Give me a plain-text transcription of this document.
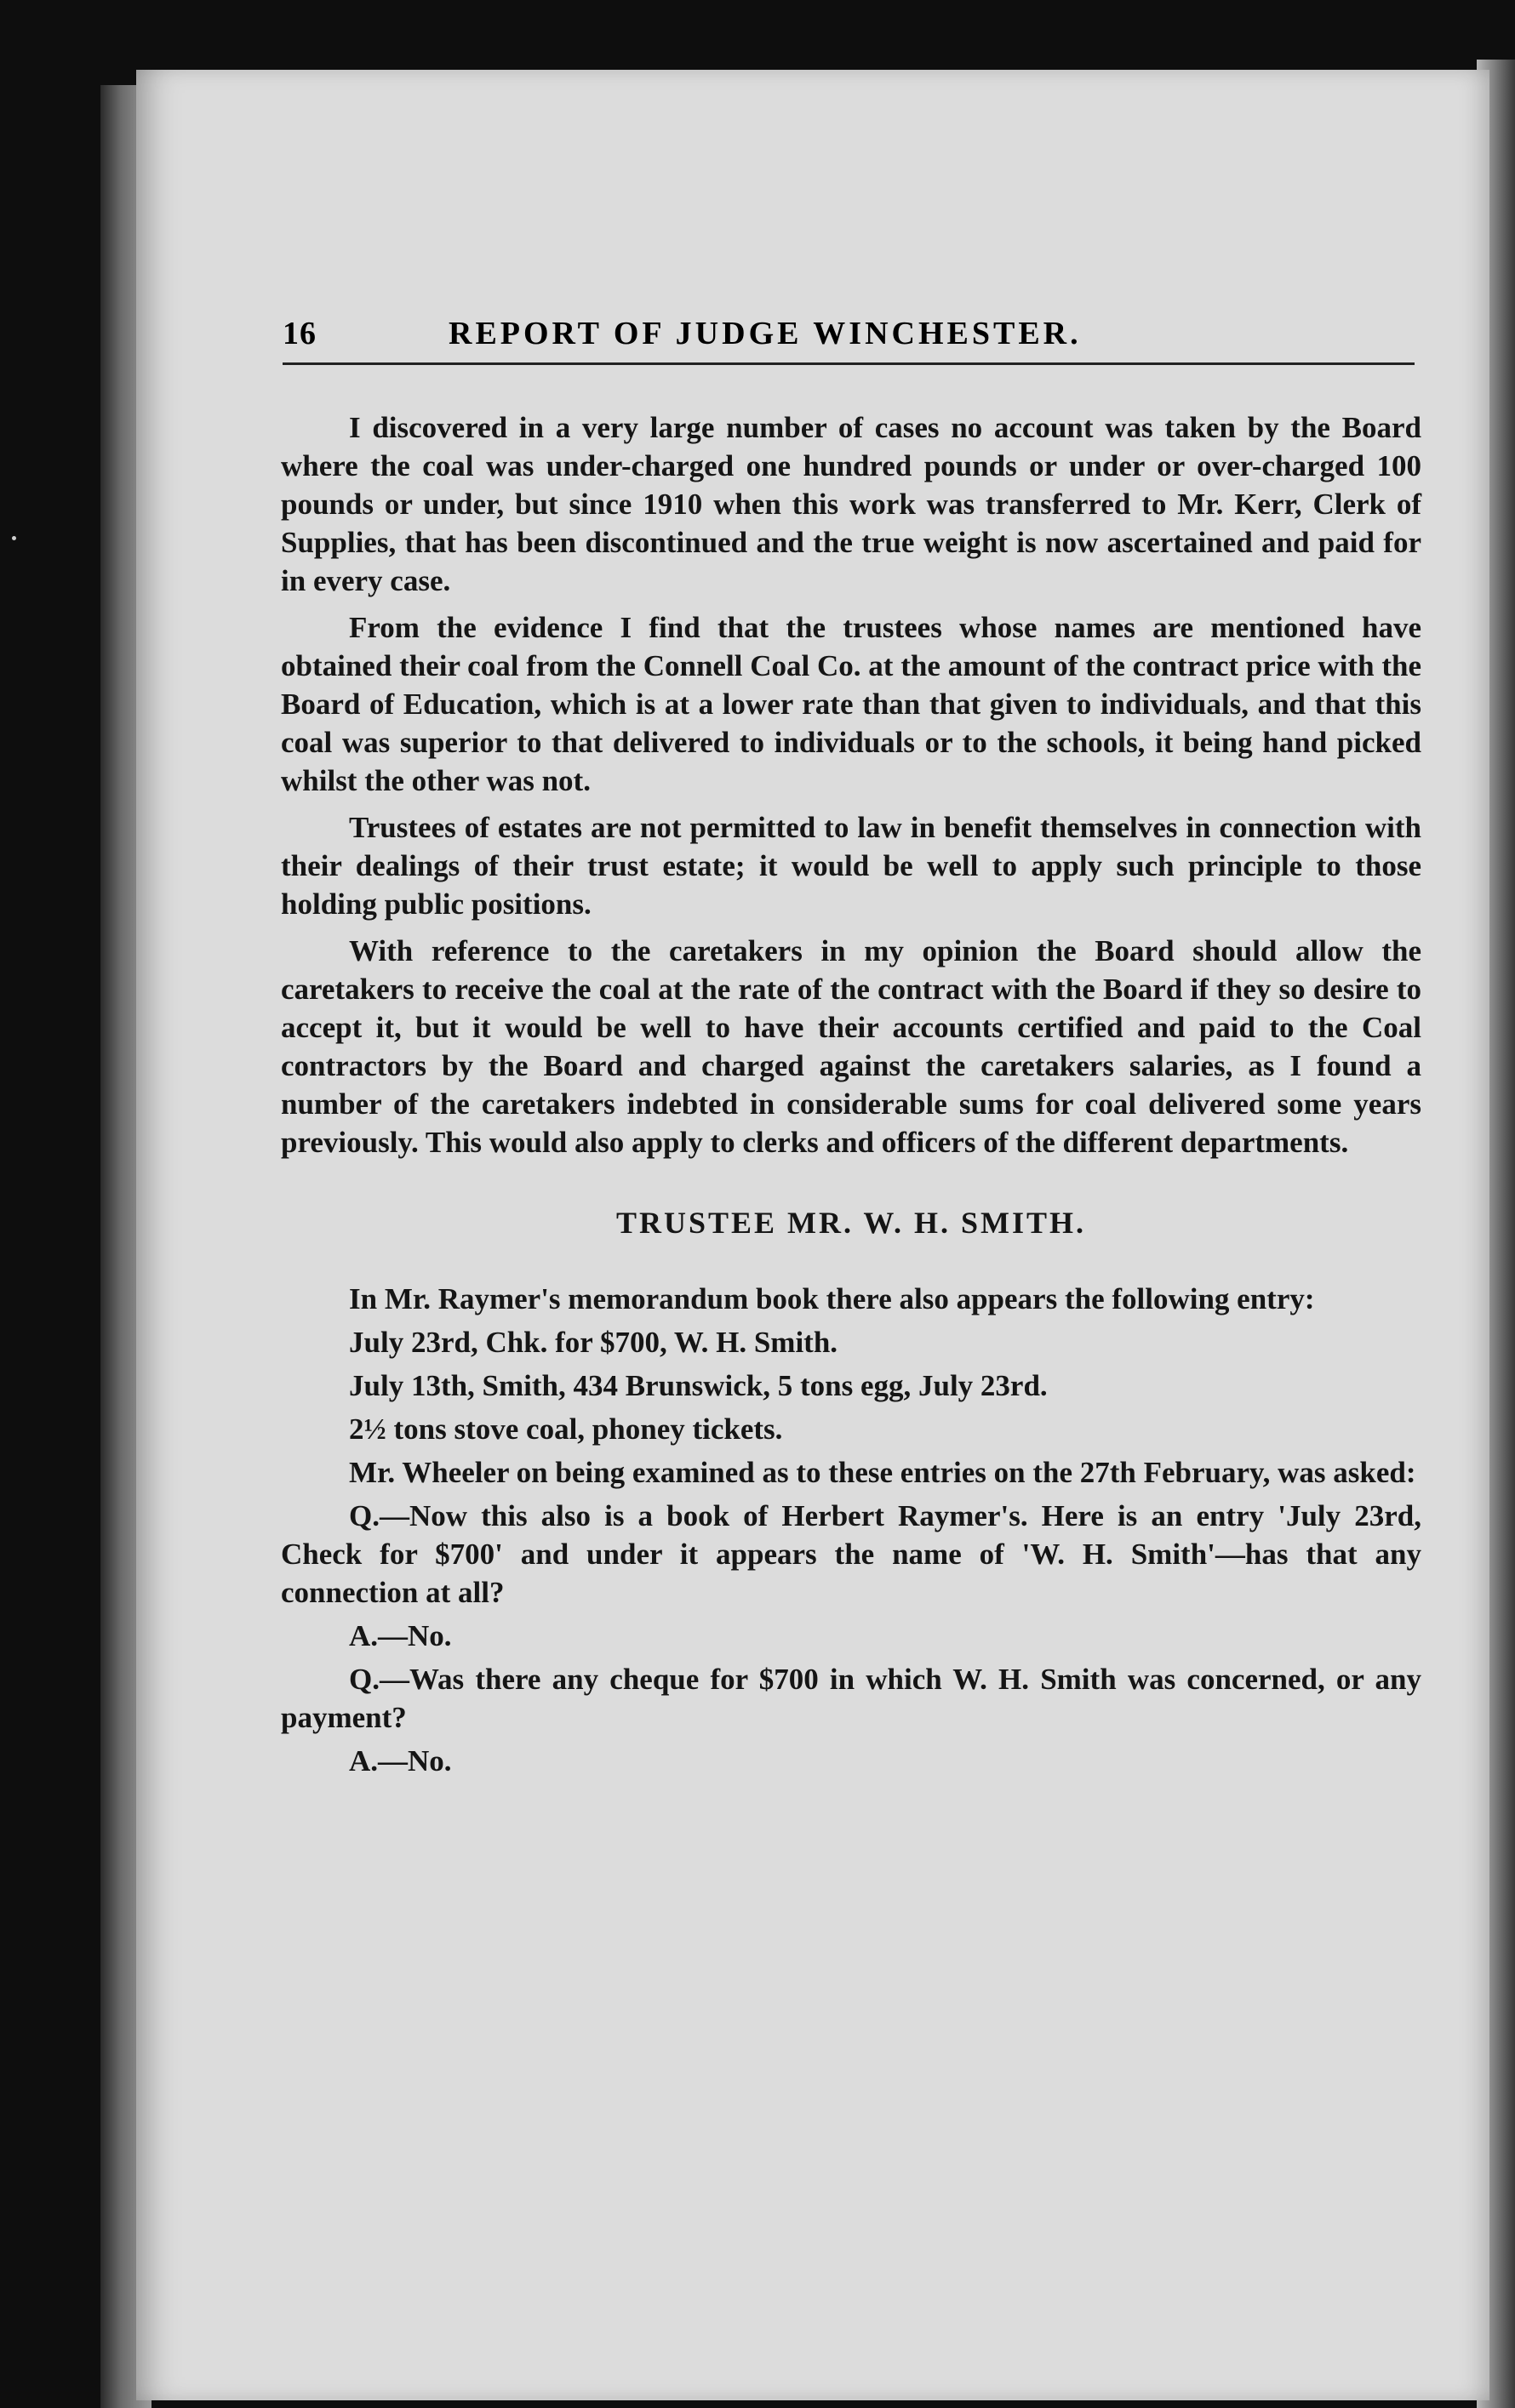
16	REPORT OF JUDGE WINCHESTER.

I discovered in a very large number of cases no account was taken by the Board where the coal was under-charged one hundred pounds or under or over-charged 100 pounds or under, but since 1910 when this work was transferred to Mr. Kerr, Clerk of Supplies, that has been discontinued and the true weight is now ascertained and paid for in every case.

From the evidence I find that the trustees whose names are mentioned have obtained their coal from the Connell Coal Co. at the amount of the contract price with the Board of Education, which is at a lower rate than that given to individuals, and that this coal was superior to that delivered to individuals or to the schools, it being hand picked whilst the other was not.

Trustees of estates are not permitted to law in benefit themselves in connection with their dealings of their trust estate; it would be well to apply such principle to those holding public positions.

With reference to the caretakers in my opinion the Board should allow the caretakers to receive the coal at the rate of the contract with the Board if they so desire to accept it, but it would be well to have their accounts certified and paid to the Coal contractors by the Board and charged against the caretakers salaries, as I found a number of the caretakers indebted in considerable sums for coal delivered some years previously. This would also apply to clerks and officers of the different departments.

TRUSTEE MR. W. H. SMITH.

In Mr. Raymer's memorandum book there also appears the following entry:

July 23rd, Chk. for $700, W. H. Smith.

July 13th, Smith, 434 Brunswick, 5 tons egg, July 23rd.

2½ tons stove coal, phoney tickets.

Mr. Wheeler on being examined as to these entries on the 27th February, was asked:

Q.—Now this also is a book of Herbert Raymer's. Here is an entry 'July 23rd, Check for $700' and under it appears the name of 'W. H. Smith'—has that any connection at all?

A.—No.

Q.—Was there any cheque for $700 in which W. H. Smith was concerned, or any payment?

A.—No.
